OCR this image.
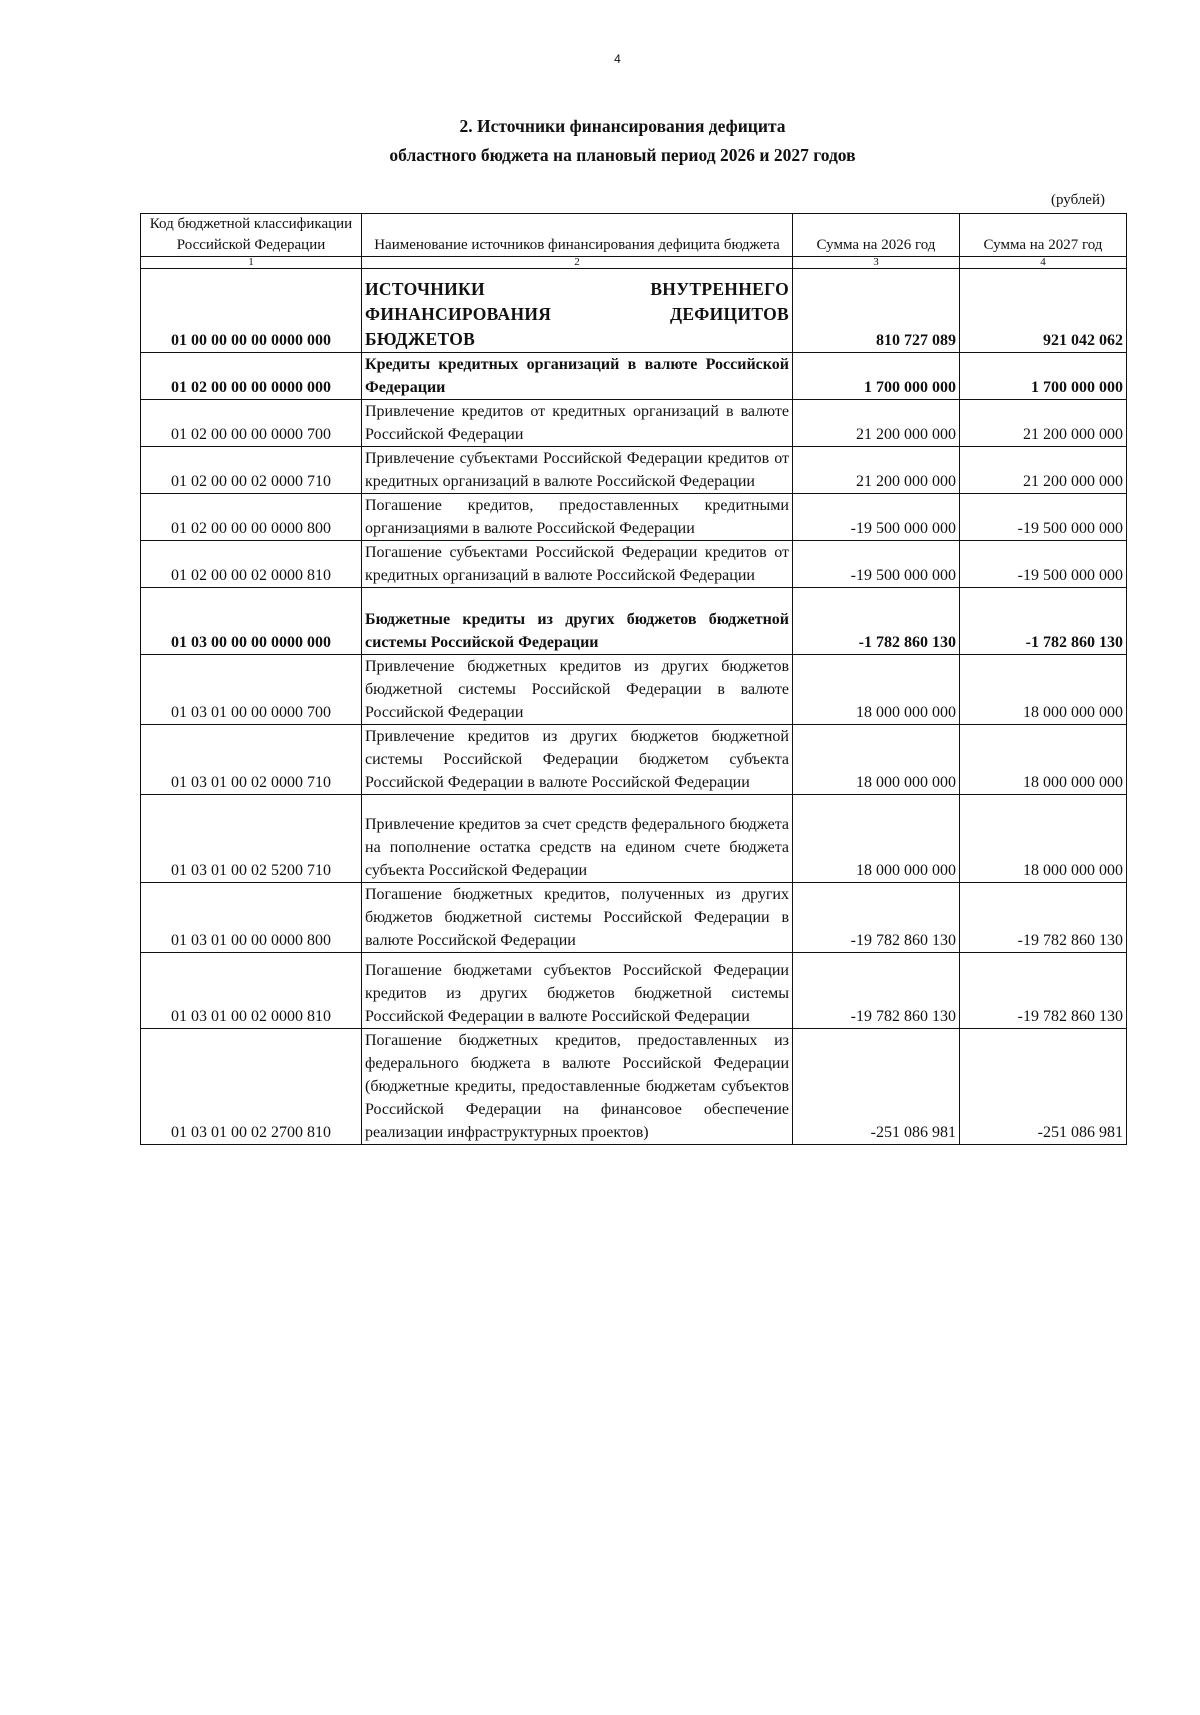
4
2. Источники финансирования дефицита
областного бюджета на плановый период 2026 и 2027 годов
(рублей)
Код бюджетной классификации Российской Федерации	Наименование источников финансирования дефицита бюджета	Сумма на 2026 год	Сумма на 2027 год
1	2	3	4
01 00 00 00 00 0000 000	ИСТОЧНИКИ ВНУТРЕННЕГО ФИНАНСИРОВАНИЯ ДЕФИЦИТОВ БЮДЖЕТОВ	810 727 089	921 042 062
01 02 00 00 00 0000 000	Кредиты кредитных организаций в валюте Российской Федерации	1 700 000 000	1 700 000 000
01 02 00 00 00 0000 700	Привлечение кредитов от кредитных организаций в валюте Российской Федерации	21 200 000 000	21 200 000 000
01 02 00 00 02 0000 710	Привлечение субъектами Российской Федерации кредитов от кредитных организаций в валюте Российской Федерации	21 200 000 000	21 200 000 000
01 02 00 00 00 0000 800	Погашение кредитов, предоставленных кредитными организациями в валюте Российской Федерации	-19 500 000 000	-19 500 000 000
01 02 00 00 02 0000 810	Погашение субъектами Российской Федерации кредитов от кредитных организаций в валюте Российской Федерации	-19 500 000 000	-19 500 000 000
01 03 00 00 00 0000 000	Бюджетные кредиты из других бюджетов бюджетной системы Российской Федерации	-1 782 860 130	-1 782 860 130
01 03 01 00 00 0000 700	Привлечение бюджетных кредитов из других бюджетов бюджетной системы Российской Федерации в валюте Российской Федерации	18 000 000 000	18 000 000 000
01 03 01 00 02 0000 710	Привлечение кредитов из других бюджетов бюджетной системы Российской Федерации бюджетом субъекта Российской Федерации в валюте Российской Федерации	18 000 000 000	18 000 000 000
01 03 01 00 02 5200 710	Привлечение кредитов за счет средств федерального бюджета на пополнение остатка средств на едином счете бюджета субъекта Российской Федерации	18 000 000 000	18 000 000 000
01 03 01 00 00 0000 800	Погашение бюджетных кредитов, полученных из других бюджетов бюджетной системы Российской Федерации в валюте Российской Федерации	-19 782 860 130	-19 782 860 130
01 03 01 00 02 0000 810	Погашение бюджетами субъектов Российской Федерации кредитов из других бюджетов бюджетной системы Российской Федерации в валюте Российской Федерации	-19 782 860 130	-19 782 860 130
01 03 01 00 02 2700 810	Погашение бюджетных кредитов, предоставленных из федерального бюджета в валюте Российской Федерации (бюджетные кредиты, предоставленные бюджетам субъектов Российской Федерации на финансовое обеспечение реализации инфраструктурных проектов)	-251 086 981	-251 086 981
